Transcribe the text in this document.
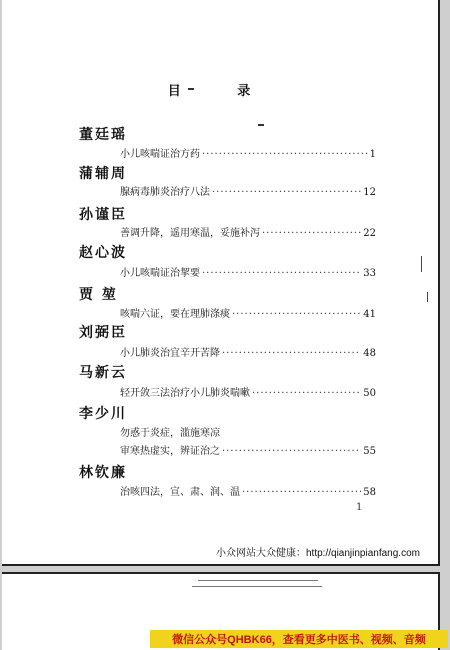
目 录
董廷瑶
小儿咳喘证治方药 ·····	1
蒲辅周
腺病毒肺炎治疗八法 ·····	12
孙谨臣
善调升降，遥用寒温，妥施补泻 ·····	22
赵心波
小儿咳喘证治挈要 ·····	33
贾 堃
咳喘六证，要在理肺涤痰 ·····	41
刘弼臣
小儿肺炎治宜辛开苦降 ·····	48
马新云
轻开敛三法治疗小儿肺炎喘嗽 ·····	50
李少川
勿惑于炎症，滥施寒凉
审寒热虚实，辨证治之 ·····	55
林钦廉
治咳四法，宣、肃、润、温 ·····	58
1
小众网站大众健康：http://qianjinpianfang.com
微信公众号QHBK66，查看更多中医书、视频、音频
